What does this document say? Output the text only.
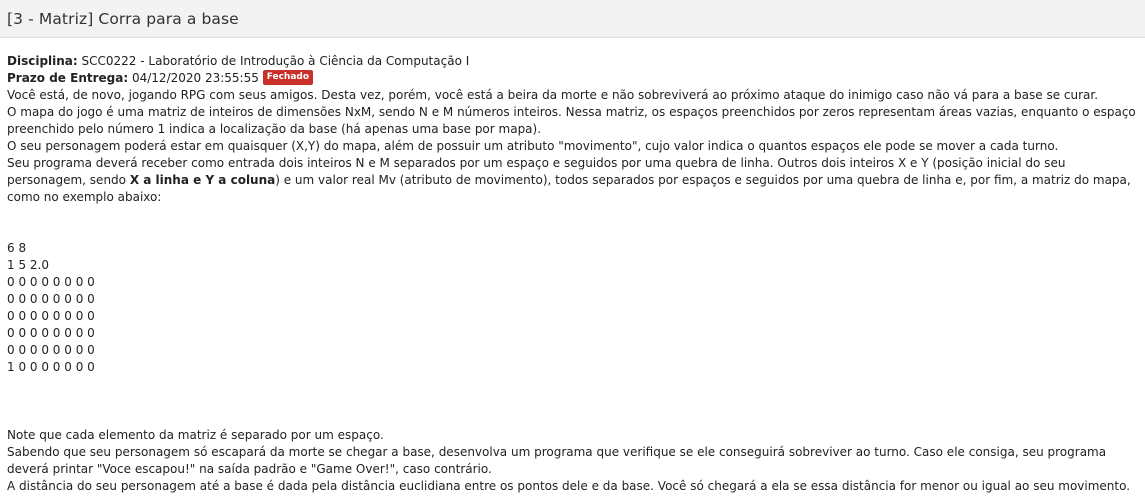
[3 - Matriz] Corra para a base
Disciplina: SCC0222 - Laboratório de Introdução à Ciência da Computação I
Prazo de Entrega: 04/12/2020 23:55:55 Fechado
Você está, de novo, jogando RPG com seus amigos. Desta vez, porém, você está a beira da morte e não sobreviverá ao próximo ataque do inimigo caso não vá para a base se curar.
O mapa do jogo é uma matriz de inteiros de dimensões NxM, sendo N e M números inteiros. Nessa matriz, os espaços preenchidos por zeros representam áreas vazias, enquanto o espaço preenchido pelo número 1 indica a localização da base (há apenas uma base por mapa).
O seu personagem poderá estar em quaisquer (X,Y) do mapa, além de possuir um atributo "movimento", cujo valor indica o quantos espaços ele pode se mover a cada turno.
Seu programa deverá receber como entrada dois inteiros N e M separados por um espaço e seguidos por uma quebra de linha. Outros dois inteiros X e Y (posição inicial do seu personagem, sendo X a linha e Y a coluna) e um valor real Mv (atributo de movimento), todos separados por espaços e seguidos por uma quebra de linha e, por fim, a matriz do mapa, como no exemplo abaixo:
6 8
1 5 2.0
0 0 0 0 0 0 0 0
0 0 0 0 0 0 0 0
0 0 0 0 0 0 0 0
0 0 0 0 0 0 0 0
0 0 0 0 0 0 0 0
1 0 0 0 0 0 0 0
Note que cada elemento da matriz é separado por um espaço.
Sabendo que seu personagem só escapará da morte se chegar a base, desenvolva um programa que verifique se ele conseguirá sobreviver ao turno. Caso ele consiga, seu programa deverá printar "Voce escapou!" na saída padrão e "Game Over!", caso contrário.
A distância do seu personagem até a base é dada pela distância euclidiana entre os pontos dele e da base. Você só chegará a ela se essa distância for menor ou igual ao seu movimento.
